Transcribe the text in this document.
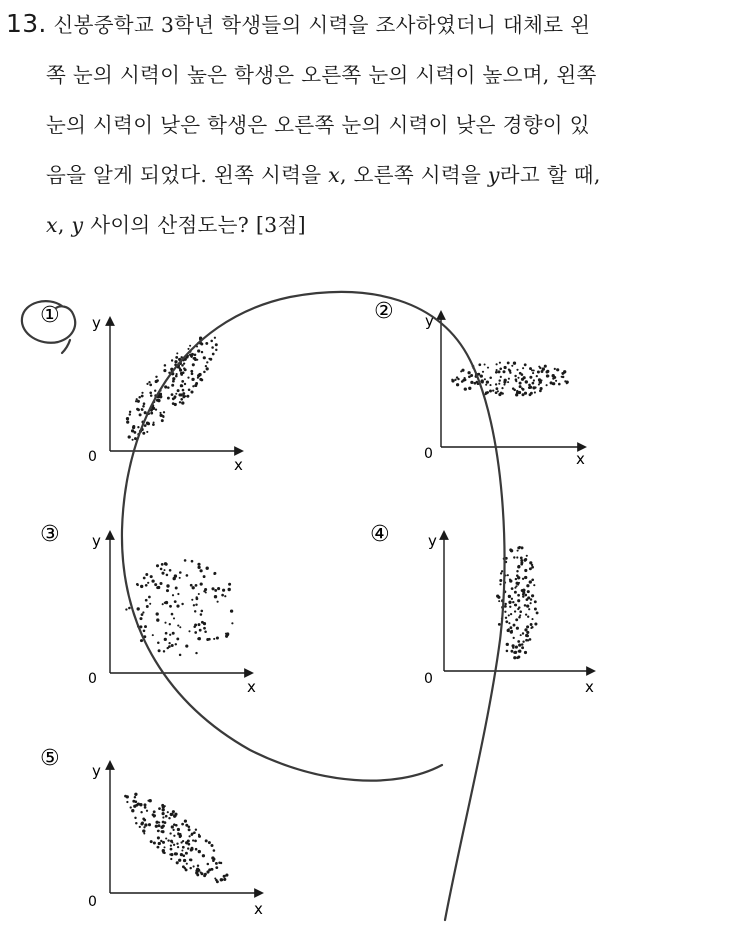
13. 신봉중학교 3학년 학생들의 시력을 조사하였더니 대체로 왼
쪽 눈의 시력이 높은 학생은 오른쪽 눈의 시력이 높으며, 왼쪽
눈의 시력이 낮은 학생은 오른쪽 눈의 시력이 낮은 경향이 있
음을 알게 되었다. 왼쪽 시력을 x, 오른쪽 시력을 y라고 할 때,
x, y 사이의 산점도는? [3점]
① y
x
0
② y
x
0
③ y
x
0
④	y
x
0
⑤ y
x
0
